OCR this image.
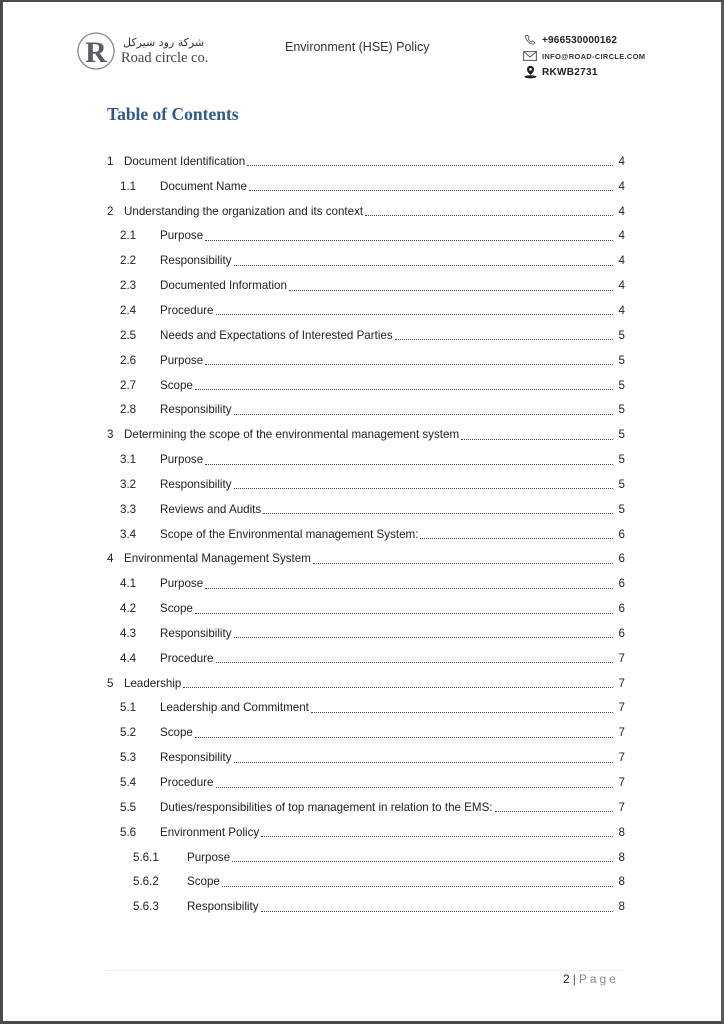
R شركة رود سيركل
Road circle co.
Environment (HSE) Policy	+966530000162
INFO@ROAD-CIRCLE.COM
RKWB2731
Table of Contents
1 Document Identification	4
1.1	Document Name	4
2 Understanding the organization and its context	4
2.1	Purpose	4
2.2	Responsibility	4
2.3	Documented Information	4
2.4	Procedure	4
2.5	Needs and Expectations of Interested Parties	5
2.6	Purpose	5
2.7	Scope	5
2.8	Responsibility	5
3 Determining the scope of the environmental management system	5
3.1	Purpose	5
3.2	Responsibility	5
3.3	Reviews and Audits	5
3.4	Scope of the Environmental management System:	6
4 Environmental Management System	6
4.1	Purpose	6
4.2	Scope	6
4.3	Responsibility	6
4.4	Procedure	7
5 Leadership	7
5.1	Leadership and Commitment	7
5.2	Scope	7
5.3	Responsibility	7
5.4	Procedure	7
5.5	Duties/responsibilities of top management in relation to the EMS:	7
5.6	Environment Policy	8
5.6.1	Purpose	8
5.6.2	Scope	8
5.6.3	Responsibility	8
2 | Page
